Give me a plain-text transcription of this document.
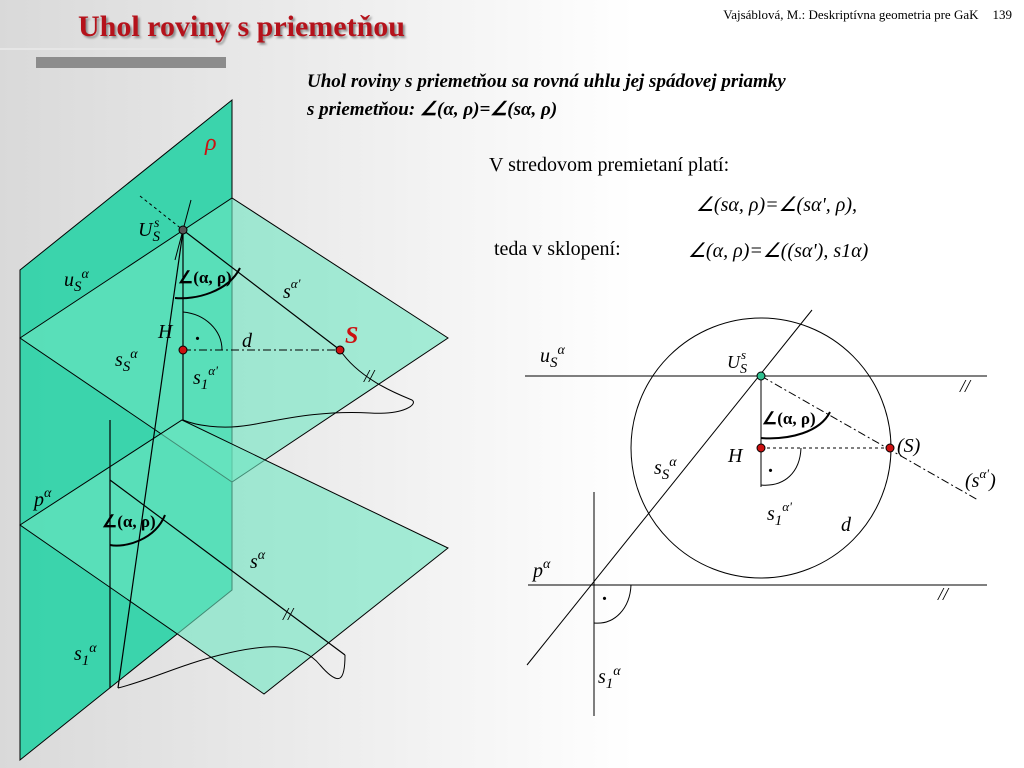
Uhol roviny s priemetňou	Vajsáblová, M.: Deskriptívna geometria pre GaK 139
Uhol roviny s priemetňou sa rovná uhlu jej spádovej priamky
s priemetňou: ∠(α, ρ)=∠(sα, ρ)
V stredovom premietaní platí:
∠(sα, ρ)=∠(sα', ρ),
teda v sklopení:	∠(α, ρ)=∠((sα'), s1α)
ρ
$U_Ss$
$u_S^\alpha$	∠(α, ρ)
$s^{\alpha'}$
H . d	S
//
$s_S^\alpha$
$s_1^{\alpha'}$
$p^\alpha$
∠(α, ρ)
$s^\alpha$
//
$s_1^\alpha$
$u_S^\alpha$
$U_Ss$
//
∠(α, ρ)
(S)
H .
$s_S^\alpha$
$(s^{\alpha'})$
$s_1^{\alpha'}$
d
$p^\alpha$
//
.
$s_1^\alpha$
